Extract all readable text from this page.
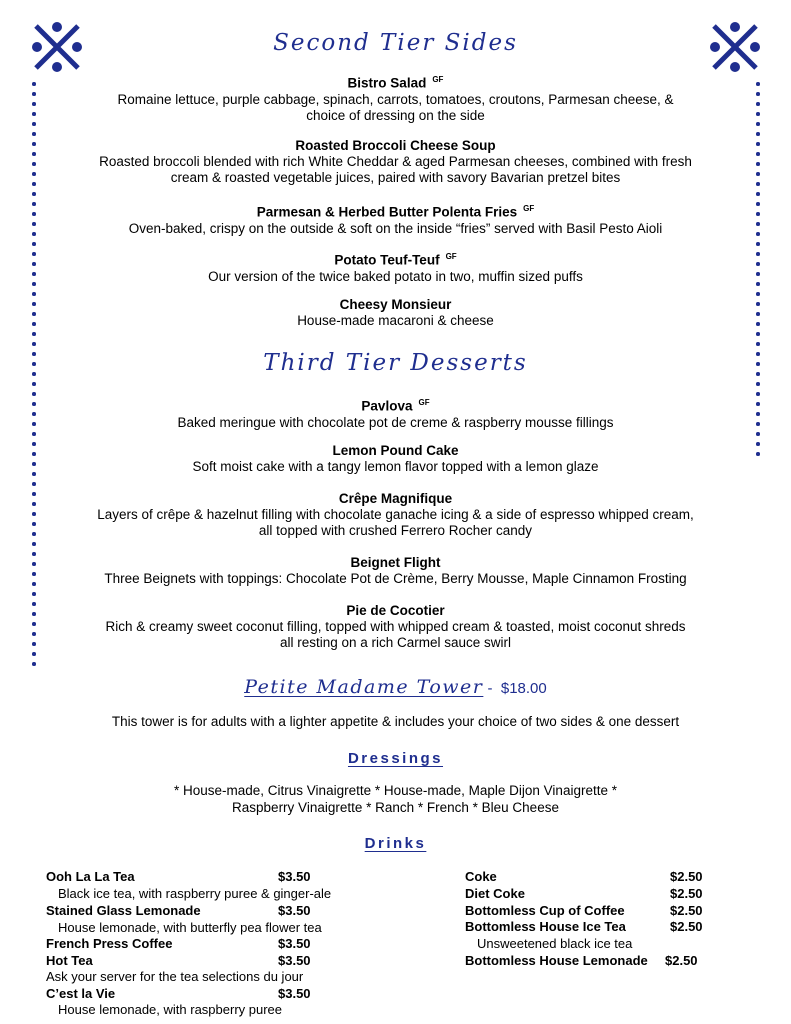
Second Tier Sides
Bistro Salad $^{GF}$
Romaine lettuce, purple cabbage, spinach, carrots, tomatoes, croutons, Parmesan cheese, &
choice of dressing on the side
Roasted Broccoli Cheese Soup
Roasted broccoli blended with rich White Cheddar & aged Parmesan cheeses, combined with fresh
cream & roasted vegetable juices, paired with savory Bavarian pretzel bites
Parmesan & Herbed Butter Polenta Fries $^{GF}$
Oven-baked, crispy on the outside & soft on the inside “fries” served with Basil Pesto Aioli
Potato Teuf-Teuf $^{GF}$
Our version of the twice baked potato in two, muffin sized puffs
Cheesy Monsieur
House-made macaroni & cheese
Third Tier Desserts
Pavlova $^{GF}$
Baked meringue with chocolate pot de creme & raspberry mousse fillings
Lemon Pound Cake
Soft moist cake with a tangy lemon flavor topped with a lemon glaze
Crêpe Magnifique
Layers of crêpe & hazelnut filling with chocolate ganache icing & a side of espresso whipped cream,
all topped with crushed Ferrero Rocher candy
Beignet Flight
Three Beignets with toppings: Chocolate Pot de Crème, Berry Mousse, Maple Cinnamon Frosting
Pie de Cocotier
Rich & creamy sweet coconut filling, topped with whipped cream & toasted, moist coconut shreds
all resting on a rich Carmel sauce swirl
Petite Madame Tower -  $18.00
This tower is for adults with a lighter appetite & includes your choice of two sides & one dessert
Dressings
* House-made, Citrus Vinaigrette * House-made, Maple Dijon Vinaigrette *
Raspberry Vinaigrette * Ranch * French * Bleu Cheese
Drinks
Ooh La La Tea	$3.50
Black ice tea, with raspberry puree & ginger-ale
Stained Glass Lemonade	$3.50
House lemonade, with butterfly pea flower tea
French Press Coffee	$3.50
Hot Tea	$3.50
Ask your server for the tea selections du jour
C’est la Vie	$3.50
House lemonade, with raspberry puree
Coke	$2.50
Diet Coke	$2.50
Bottomless Cup of Coffee	$2.50
Bottomless House Ice Tea	$2.50
Unsweetened black ice tea
Bottomless House Lemonade $2.50
